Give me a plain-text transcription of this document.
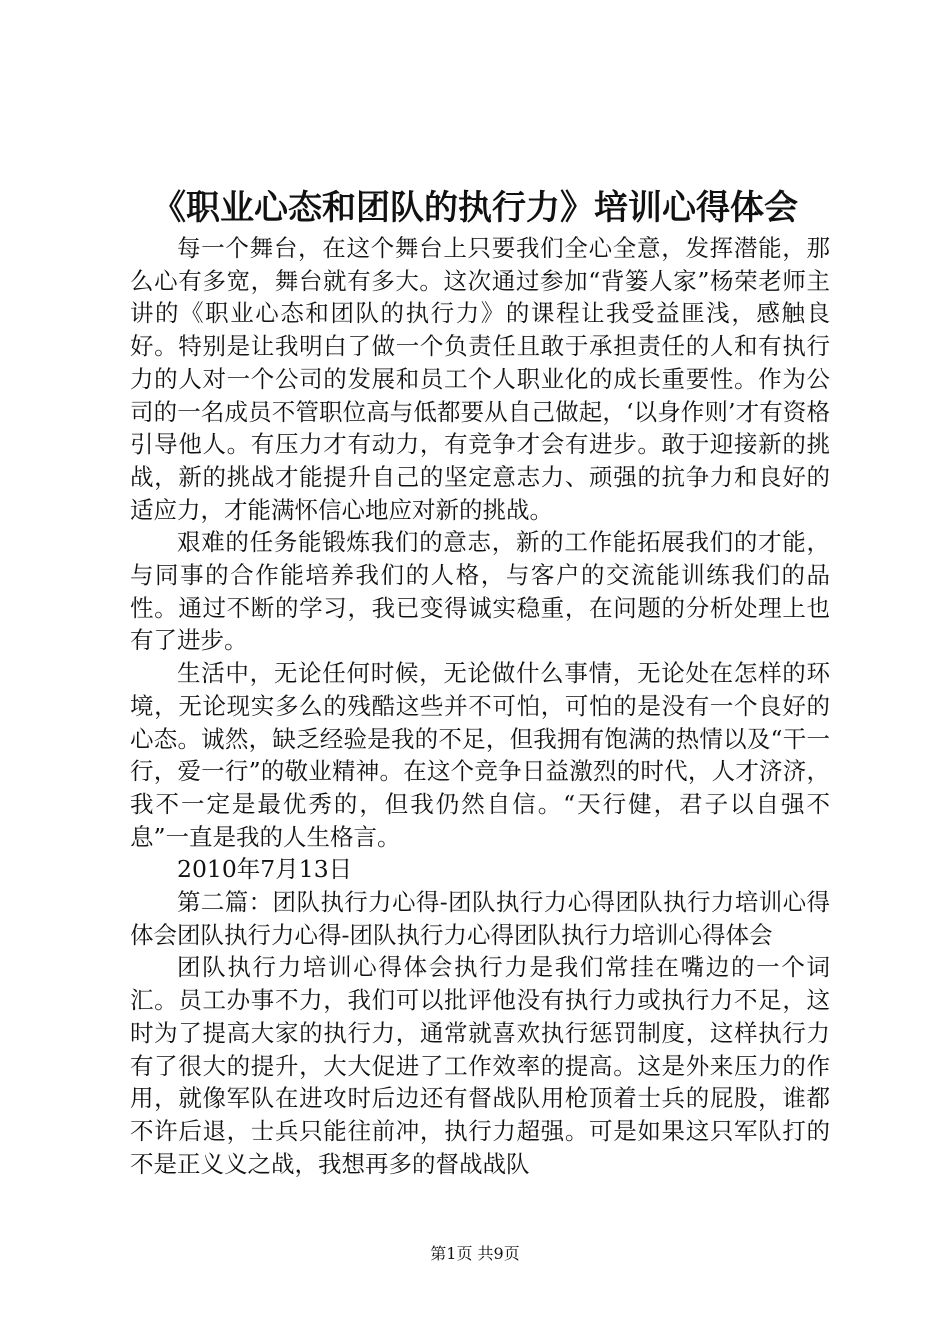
《职业心态和团队的执行力》培训心得体会

每一个舞台，在这个舞台上只要我们全心全意，发挥潜能，那么心有多宽，舞台就有多大。这次通过参加“背篓人家”杨荣老师主讲的《职业心态和团队的执行力》的课程让我受益匪浅，感触良好。特别是让我明白了做一个负责任且敢于承担责任的人和有执行力的人对一个公司的发展和员工个人职业化的成长重要性。作为公司的一名成员不管职位高与低都要从自己做起，‘以身作则’才有资格引导他人。有压力才有动力，有竞争才会有进步。敢于迎接新的挑战，新的挑战才能提升自己的坚定意志力、顽强的抗争力和良好的适应力，才能满怀信心地应对新的挑战。

艰难的任务能锻炼我们的意志，新的工作能拓展我们的才能，与同事的合作能培养我们的人格，与客户的交流能训练我们的品性。通过不断的学习，我已变得诚实稳重，在问题的分析处理上也有了进步。

生活中，无论任何时候，无论做什么事情，无论处在怎样的环境，无论现实多么的残酷这些并不可怕，可怕的是没有一个良好的心态。诚然，缺乏经验是我的不足，但我拥有饱满的热情以及“干一行，爱一行”的敬业精神。在这个竞争日益激烈的时代，人才济济，我不一定是最优秀的，但我仍然自信。“天行健，君子以自强不息”一直是我的人生格言。

2010年7月13日

第二篇：团队执行力心得-团队执行力心得团队执行力培训心得体会团队执行力心得-团队执行力心得团队执行力培训心得体会

团队执行力培训心得体会执行力是我们常挂在嘴边的一个词汇。员工办事不力，我们可以批评他没有执行力或执行力不足，这时为了提高大家的执行力，通常就喜欢执行惩罚制度，这样执行力有了很大的提升，大大促进了工作效率的提高。这是外来压力的作用，就像军队在进攻时后边还有督战队用枪顶着士兵的屁股，谁都不许后退，士兵只能往前冲，执行力超强。可是如果这只军队打的不是正义义之战，我想再多的督战战队

第1页 共9页
